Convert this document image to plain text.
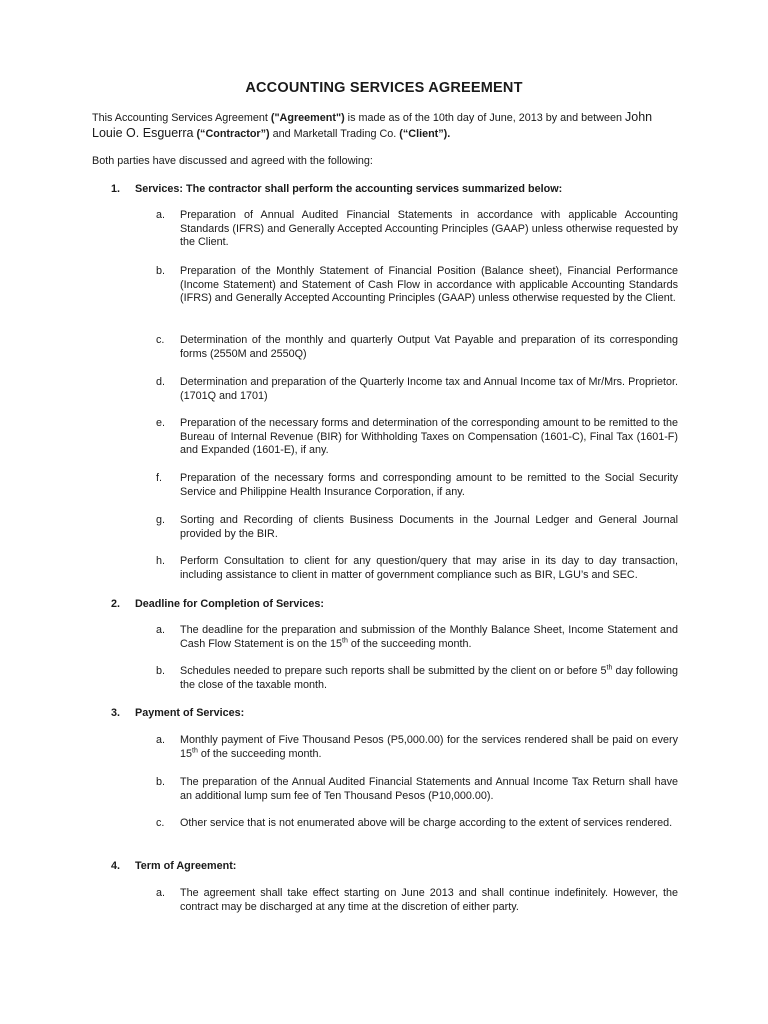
ACCOUNTING SERVICES AGREEMENT
This Accounting Services Agreement ("Agreement") is made as of the 10th day of June, 2013 by and between John Louie O. Esguerra (“Contractor”) and Marketall Trading Co. (“Client”).
Both parties have discussed and agreed with the following:
1. Services: The contractor shall perform the accounting services summarized below:
a.	Preparation of Annual Audited Financial Statements in accordance with applicable Accounting Standards (IFRS) and Generally Accepted Accounting Principles (GAAP) unless otherwise requested by the Client.
b.	Preparation of the Monthly Statement of Financial Position (Balance sheet), Financial Performance (Income Statement) and Statement of Cash Flow in accordance with applicable Accounting Standards (IFRS) and Generally Accepted Accounting Principles (GAAP) unless otherwise requested by the Client.
c.	Determination of the monthly and quarterly Output Vat Payable and preparation of its corresponding forms (2550M and 2550Q)
d.	Determination and preparation of the Quarterly Income tax and Annual Income tax of Mr/Mrs. Proprietor. (1701Q and 1701)
e.	Preparation of the necessary forms and determination of the corresponding amount to be remitted to the Bureau of Internal Revenue (BIR) for Withholding Taxes on Compensation (1601-C), Final Tax (1601-F) and Expanded (1601-E), if any.
f.	Preparation of the necessary forms and corresponding amount to be remitted to the Social Security Service and Philippine Health Insurance Corporation, if any.
g.	Sorting and Recording of clients Business Documents in the Journal Ledger and General Journal provided by the BIR.
h.	Perform Consultation to client for any question/query that may arise in its day to day transaction, including assistance to client in matter of government compliance such as BIR, LGU’s and SEC.
2. Deadline for Completion of Services:
a.	The deadline for the preparation and submission of the Monthly Balance Sheet, Income Statement and Cash Flow Statement is on the 15th of the succeeding month.
b.	Schedules needed to prepare such reports shall be submitted by the client on or before 5th day following the close of the taxable month.
3. Payment of Services:
a.	Monthly payment of Five Thousand Pesos (P5,000.00) for the services rendered shall be paid on every 15th of the succeeding month.
b.	The preparation of the Annual Audited Financial Statements and Annual Income Tax Return shall have an additional lump sum fee of Ten Thousand Pesos (P10,000.00).
c.	Other service that is not enumerated above will be charge according to the extent of services rendered.
4. Term of Agreement:
a.	The agreement shall take effect starting on June 2013 and shall continue indefinitely. However, the contract may be discharged at any time at the discretion of either party.
